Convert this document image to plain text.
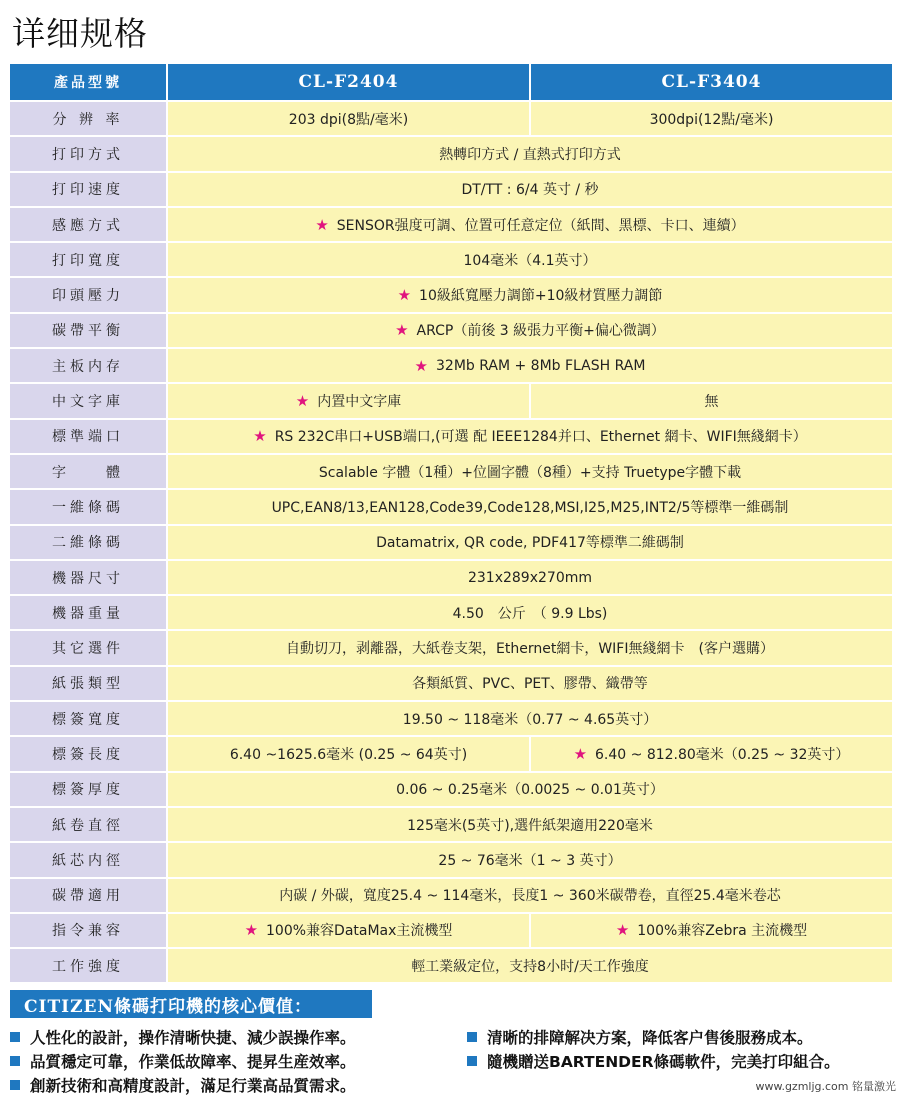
详细规格
產品型號	CL-F2404	CL-F3404
分 辨 率	203 dpi(8點/毫米)	300dpi(12點/毫米)
打印方式	熱轉印方式 / 直熱式打印方式
打印速度	DT/TT : 6/4 英寸 / 秒
感應方式	★ SENSOR强度可調、位置可任意定位（紙間、黑標、卡口、連續）
打印寬度	104毫米（4.1英寸）
印頭壓力	★ 10級紙寬壓力調節+10級材質壓力調節
碳帶平衡	★ ARCP（前後 3 級張力平衡+偏心微調）
主板内存	★ 32Mb RAM + 8Mb FLASH RAM
中文字庫	★ 内置中文字庫	無
標準端口	★ RS 232C串口+USB端口,(可選 配 IEEE1284并口、Ethernet 網卡、WIFI無綫網卡）
字　　體	Scalable 字體（1種）+位圖字體（8種）+支持 Truetype字體下載
一維條碼	UPC,EAN8/13,EAN128,Code39,Code128,MSI,I25,M25,INT2/5等標準一維碼制
二維條碼	Datamatrix, QR code, PDF417等標準二維碼制
機器尺寸	231x289x270mm
機器重量	4.50　公斤　（ 9.9 Lbs)
其它選件	自動切刀，剥離器，大紙卷支架，Ethernet網卡，WIFI無綫網卡　(客户選購）
紙張類型	各類紙質、PVC、PET、膠帶、織帶等
標簽寬度	19.50 ~ 118毫米（0.77 ~ 4.65英寸）
標簽長度	6.40 ~1625.6毫米 (0.25 ~ 64英寸)	★ 6.40 ~ 812.80毫米（0.25 ~ 32英寸）
標簽厚度	0.06 ~ 0.25毫米（0.0025 ~ 0.01英寸）
紙卷直徑	125毫米(5英寸),選件紙架適用220毫米
紙芯内徑	25 ~ 76毫米（1 ~ 3 英寸）
碳帶適用	内碳 / 外碳，寬度25.4 ~ 114毫米，長度1 ~ 360米碳帶卷，直徑25.4毫米卷芯
指令兼容	★ 100%兼容DataMax主流機型	★ 100%兼容Zebra 主流機型
工作強度	輕工業級定位，支持8小时/天工作強度
CITIZEN條碼打印機的核心價值：
人性化的設計，操作清晰快捷、減少誤操作率。	清晰的排障解决方案，降低客户售後服務成本。
品質穩定可靠，作業低故障率、提昇生産效率。	隨機贈送BARTENDER條碼軟件，完美打印組合。
創新技術和高精度設計，滿足行業高品質需求。	www.gzmljg.com 铭量激光
